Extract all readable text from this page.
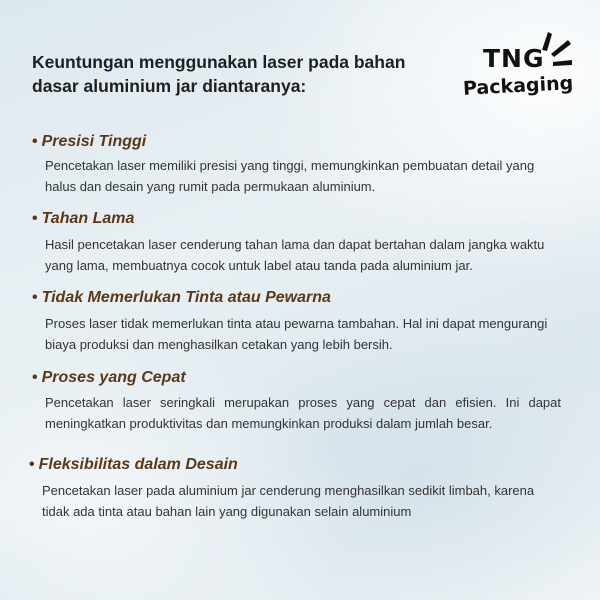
Keuntungan menggunakan laser pada bahan dasar aluminium jar diantaranya:
TNG
Packaging
• Presisi Tinggi

Pencetakan laser memiliki presisi yang tinggi, memungkinkan pembuatan detail yang halus dan desain yang rumit pada permukaan aluminium.

• Tahan Lama

Hasil pencetakan laser cenderung tahan lama dan dapat bertahan dalam jangka waktu yang lama, membuatnya cocok untuk label atau tanda pada aluminium jar.

• Tidak Memerlukan Tinta atau Pewarna

Proses laser tidak memerlukan tinta atau pewarna tambahan. Hal ini dapat mengurangi biaya produksi dan menghasilkan cetakan yang lebih bersih.

• Proses yang Cepat

Pencetakan laser seringkali merupakan proses yang cepat dan efisien. Ini dapat meningkatkan produktivitas dan memungkinkan produksi dalam jumlah besar.

• Fleksibilitas dalam Desain

Pencetakan laser pada aluminium jar cenderung menghasilkan sedikit limbah, karena tidak ada tinta atau bahan lain yang digunakan selain aluminium
